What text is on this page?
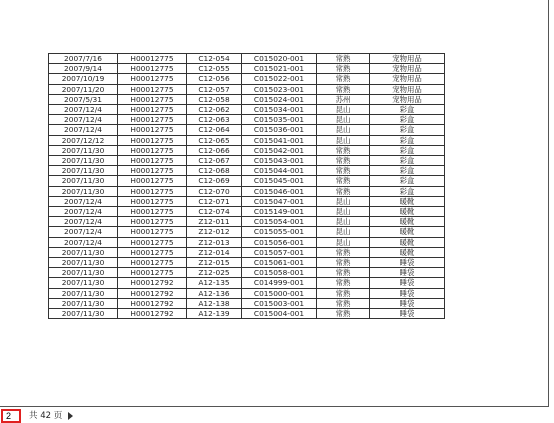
2007/7/16	H00012775	C12-054	C015020-001	常熟	宠物用品
2007/9/14	H00012775	C12-055	C015021-001	常熟	宠物用品
2007/10/19	H00012775	C12-056	C015022-001	常熟	宠物用品
2007/11/20	H00012775	C12-057	C015023-001	常熟	宠物用品
2007/5/31	H00012775	C12-058	C015024-001	苏州	宠物用品
2007/12/4	H00012775	C12-062	C015034-001	昆山	彩盒
2007/12/4	H00012775	C12-063	C015035-001	昆山	彩盒
2007/12/4	H00012775	C12-064	C015036-001	昆山	彩盒
2007/12/12	H00012775	C12-065	C015041-001	昆山	彩盒
2007/11/30	H00012775	C12-066	C015042-001	常熟	彩盒
2007/11/30	H00012775	C12-067	C015043-001	常熟	彩盒
2007/11/30	H00012775	C12-068	C015044-001	常熟	彩盒
2007/11/30	H00012775	C12-069	C015045-001	常熟	彩盒
2007/11/30	H00012775	C12-070	C015046-001	常熟	彩盒
2007/12/4	H00012775	C12-071	C015047-001	昆山	暖靴
2007/12/4	H00012775	C12-074	C015149-001	昆山	暖靴
2007/12/4	H00012775	Z12-011	C015054-001	昆山	暖靴
2007/12/4	H00012775	Z12-012	C015055-001	昆山	暖靴
2007/12/4	H00012775	Z12-013	C015056-001	昆山	暖靴
2007/11/30	H00012775	Z12-014	C015057-001	常熟	暖靴
2007/11/30	H00012775	Z12-015	C015061-001	常熟	睡袋
2007/11/30	H00012775	Z12-025	C015058-001	常熟	睡袋
2007/11/30	H00012792	A12-135	C014999-001	常熟	睡袋
2007/11/30	H00012792	A12-136	C015000-001	常熟	睡袋
2007/11/30	H00012792	A12-138	C015003-001	常熟	睡袋
2007/11/30	H00012792	A12-139	C015004-001	常熟	睡袋
2	共 42 页
